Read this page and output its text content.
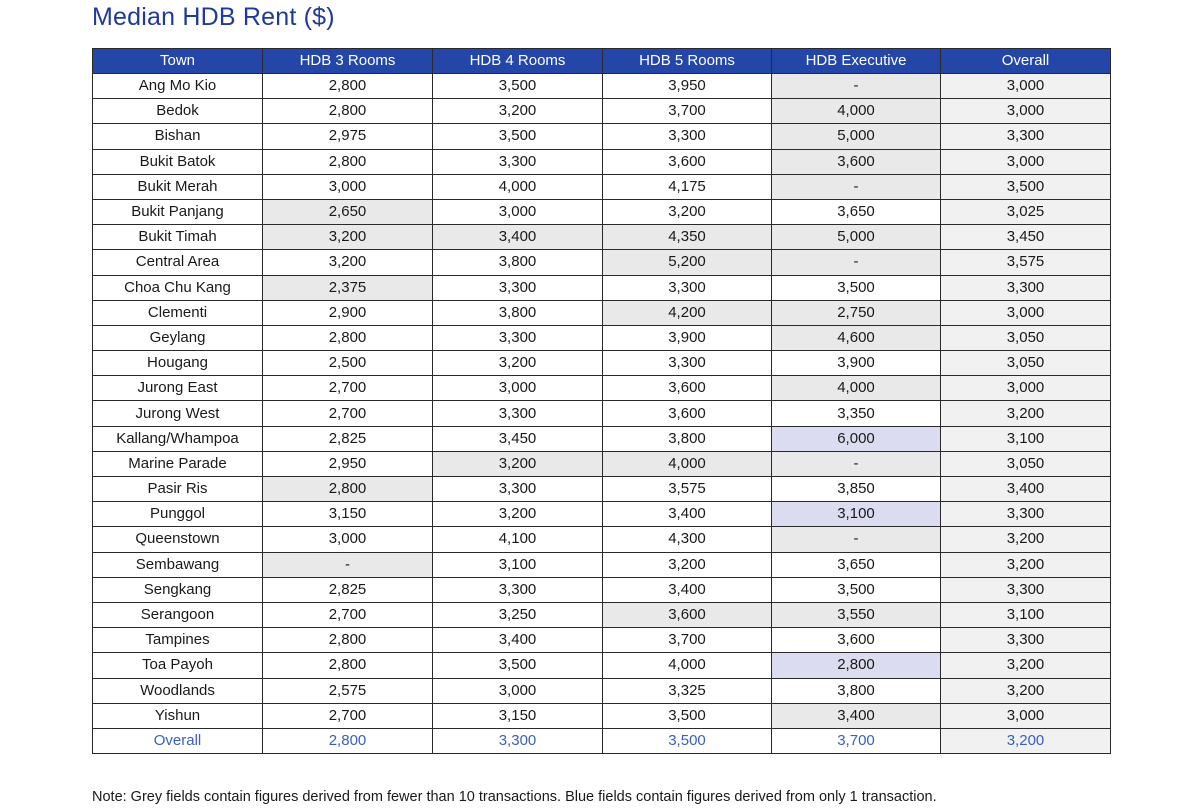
Median HDB Rent ($)
Town	HDB 3 Rooms	HDB 4 Rooms	HDB 5 Rooms	HDB Executive	Overall
Ang Mo Kio	2,800	3,500	3,950	-	3,000
Bedok	2,800	3,200	3,700	4,000	3,000
Bishan	2,975	3,500	3,300	5,000	3,300
Bukit Batok	2,800	3,300	3,600	3,600	3,000
Bukit Merah	3,000	4,000	4,175	-	3,500
Bukit Panjang	2,650	3,000	3,200	3,650	3,025
Bukit Timah	3,200	3,400	4,350	5,000	3,450
Central Area	3,200	3,800	5,200	-	3,575
Choa Chu Kang	2,375	3,300	3,300	3,500	3,300
Clementi	2,900	3,800	4,200	2,750	3,000
Geylang	2,800	3,300	3,900	4,600	3,050
Hougang	2,500	3,200	3,300	3,900	3,050
Jurong East	2,700	3,000	3,600	4,000	3,000
Jurong West	2,700	3,300	3,600	3,350	3,200
Kallang/Whampoa	2,825	3,450	3,800	6,000	3,100
Marine Parade	2,950	3,200	4,000	-	3,050
Pasir Ris	2,800	3,300	3,575	3,850	3,400
Punggol	3,150	3,200	3,400	3,100	3,300
Queenstown	3,000	4,100	4,300	-	3,200
Sembawang	-	3,100	3,200	3,650	3,200
Sengkang	2,825	3,300	3,400	3,500	3,300
Serangoon	2,700	3,250	3,600	3,550	3,100
Tampines	2,800	3,400	3,700	3,600	3,300
Toa Payoh	2,800	3,500	4,000	2,800	3,200
Woodlands	2,575	3,000	3,325	3,800	3,200
Yishun	2,700	3,150	3,500	3,400	3,000
Overall	2,800	3,300	3,500	3,700	3,200
Note: Grey fields contain figures derived from fewer than 10 transactions. Blue fields contain figures derived from only 1 transaction.
